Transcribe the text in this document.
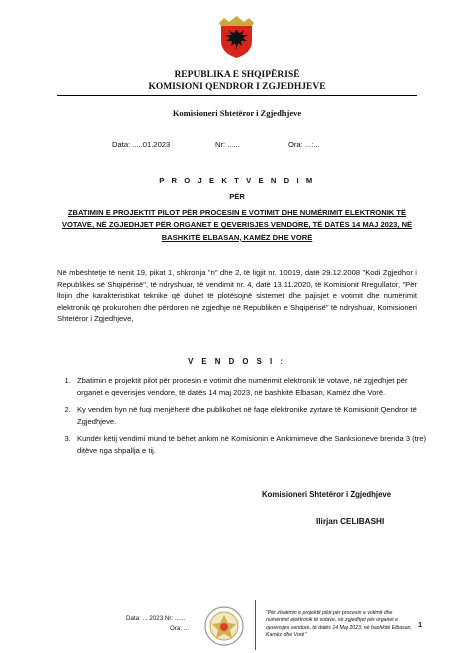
REPUBLIKA E SHQIPËRISË
KOMISIONI QENDROR I ZGJEDHJEVE
Komisioneri Shtetëror i Zgjedhjeve
Data: .....01.2023	Nr: ......	Ora: ...:...
P R O J E K T V E N D I M
PËR
ZBATIMIN E PROJEKTIT PILOT PËR PROCESIN E VOTIMIT DHE NUMËRIMIT ELEKTRONIK TË VOTAVE, NË ZGJEDHJET PËR ORGANET E QEVERISJES VENDORE, TË DATËS 14 MAJ 2023, NË BASHKITË ELBASAN, KAMËZ DHE VORË
Në mbështetje të nenit 19, pikat 1, shkronja "n" dhe 2, të ligjit nr. 10019, datë 29.12.2008 "Kodi Zgjedhor i Republikës së Shqipërisë", të ndryshuar, të vendimit nr. 4, datë 13.11.2020, të Komisionit Rregullator, "Për llojin dhe karakteristikat teknike që duhet të plotësojnë sistemet dhe pajisjet e votimit dhe numërimit elektronik që prokurohen dhe përdoren në zgjedhje në Republikën e Shqipërisë" të ndryshuar, Komisioneri Shtetëror i Zgjedhjeve,
V E N D O S I :
1. Zbatimin e projektit pilot për procesin e votimit dhe numërimit elektronik të votave, në zgjedhjet për organet e qeverisjes vendore, të datës 14 maj 2023, në bashkitë Elbasan, Kamëz dhe Vorë.
2. Ky vendim hyn në fuqi menjëherë dhe publikohet në faqe elektronike zyrtare të Komisionit Qendror të Zgjedhjeve.
3. Kundër këtij vendimi mund të bëhet ankim në Komisionin e Ankimimeve dhe Sanksioneve brenda 3 (tre) ditëve nga shpallja e tij.
Komisioneri Shtetëror i Zgjedhjeve
Ilirjan CELIBASHI
Data: ... 2023 Nr: ......
Ora: ...
"Për zbatimin e projektit pilot për procesin e votimit dhe numërimit elektronik të votave, në zgjedhjet për organet e qeverisjes vendore, të datës 14 Maj 2023, në bashkitë Elbasan, Kamëz dhe Vorë"
1
